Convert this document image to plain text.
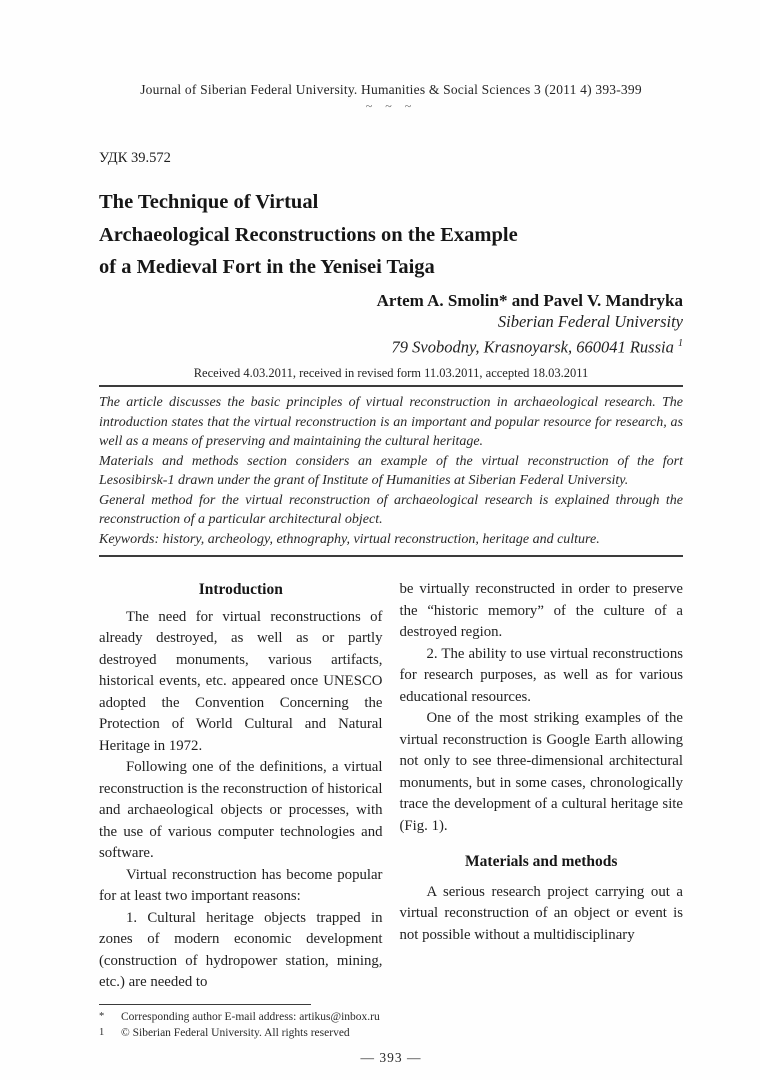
Journal of Siberian Federal University. Humanities & Social Sciences 3 (2011 4) 393-399
~ ~ ~
УДК 39.572
The Technique of Virtual
Archaeological Reconstructions on the Example
of a Medieval Fort in the Yenisei Taiga
Artem A. Smolin* and Pavel V. Mandryka
Siberian Federal University
79 Svobodny, Krasnoyarsk, 660041 Russia $^1$
Received 4.03.2011, received in revised form 11.03.2011, accepted 18.03.2011

The article discusses the basic principles of virtual reconstruction in archaeological research. The introduction states that the virtual reconstruction is an important and popular resource for research, as well as a means of preserving and maintaining the cultural heritage.

Materials and methods section considers an example of the virtual reconstruction of the fort Lesosibirsk-1 drawn under the grant of Institute of Humanities at Siberian Federal University.

General method for the virtual reconstruction of archaeological research is explained through the reconstruction of a particular architectural object.

Keywords: history, archeology, ethnography, virtual reconstruction, heritage and culture.

Introduction

The need for virtual reconstructions of already destroyed, as well as or partly destroyed monuments, various artifacts, historical events, etc. appeared once UNESCO adopted the Convention Concerning the Protection of World Cultural and Natural Heritage in 1972.

Following one of the definitions, a virtual reconstruction is the reconstruction of historical and archaeological objects or processes, with the use of various computer technologies and software.

Virtual reconstruction has become popular for at least two important reasons:

1. Cultural heritage objects trapped in zones of modern economic development (construction of hydropower station, mining, etc.) are needed to

be virtually reconstructed in order to preserve the “historic memory” of the culture of a destroyed region.

2. The ability to use virtual reconstructions for research purposes, as well as for various educational resources.

One of the most striking examples of the virtual reconstruction is Google Earth allowing not only to see three-dimensional architectural monuments, but in some cases, chronologically trace the development of a cultural heritage site (Fig. 1).

Materials and methods

A serious research project carrying out a virtual reconstruction of an object or event is not possible without a multidisciplinary

*	Corresponding author E-mail address: artikus@inbox.ru
1	© Siberian Federal University. All rights reserved
— 393 —
